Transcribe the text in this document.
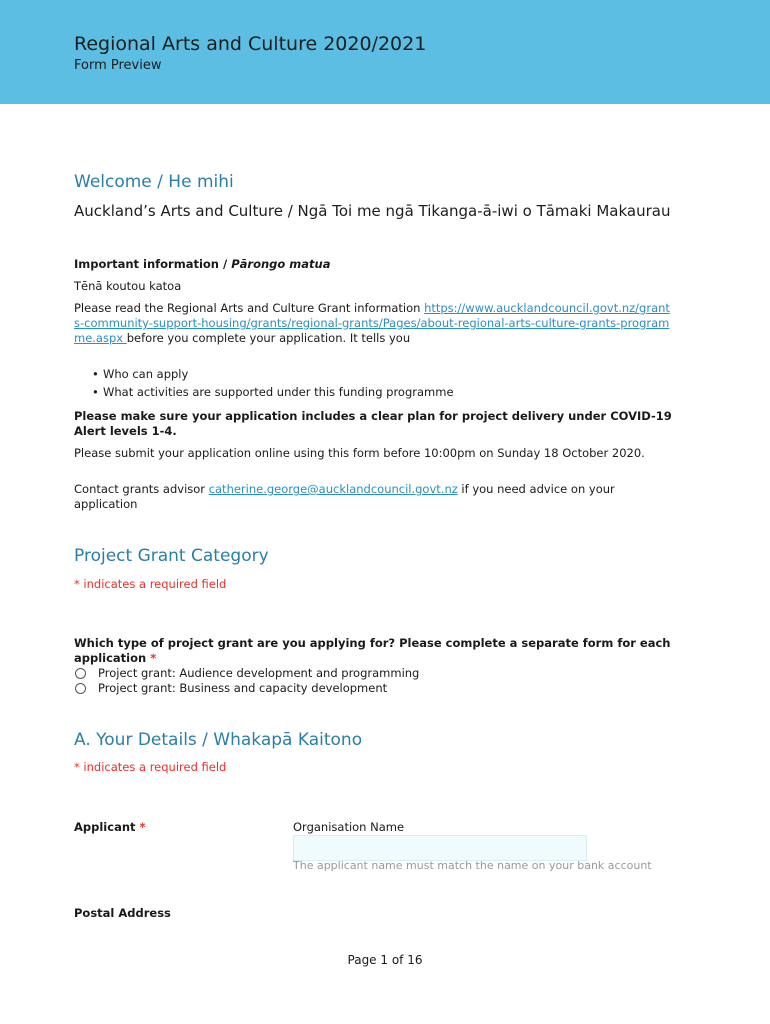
Regional Arts and Culture 2020/2021
Form Preview
Welcome / He mihi
Auckland’s Arts and Culture / Ngā Toi me ngā Tikanga-ā-iwi o Tāmaki Makaurau
Important information / Pārongo matua
Tēnā koutou katoa
Please read the Regional Arts and Culture Grant information https://www.aucklandcouncil.govt.nz/grants-community-support-housing/grants/regional-grants/Pages/about-regional-arts-culture-grants-programme.aspx before you complete your application. It tells you
• Who can apply
• What activities are supported under this funding programme
Please make sure your application includes a clear plan for project delivery under COVID-19 Alert levels 1-4.
Please submit your application online using this form before 10:00pm on Sunday 18 October 2020.
Contact grants advisor catherine.george@aucklandcouncil.govt.nz if you need advice on your application
Project Grant Category
* indicates a required field
Which type of project grant are you applying for? Please complete a separate form for each application *
Project grant: Audience development and programming
Project grant: Business and capacity development
A. Your Details / Whakapā Kaitono
* indicates a required field
Applicant *	Organisation Name
The applicant name must match the name on your bank account
Postal Address
Page 1 of 16
